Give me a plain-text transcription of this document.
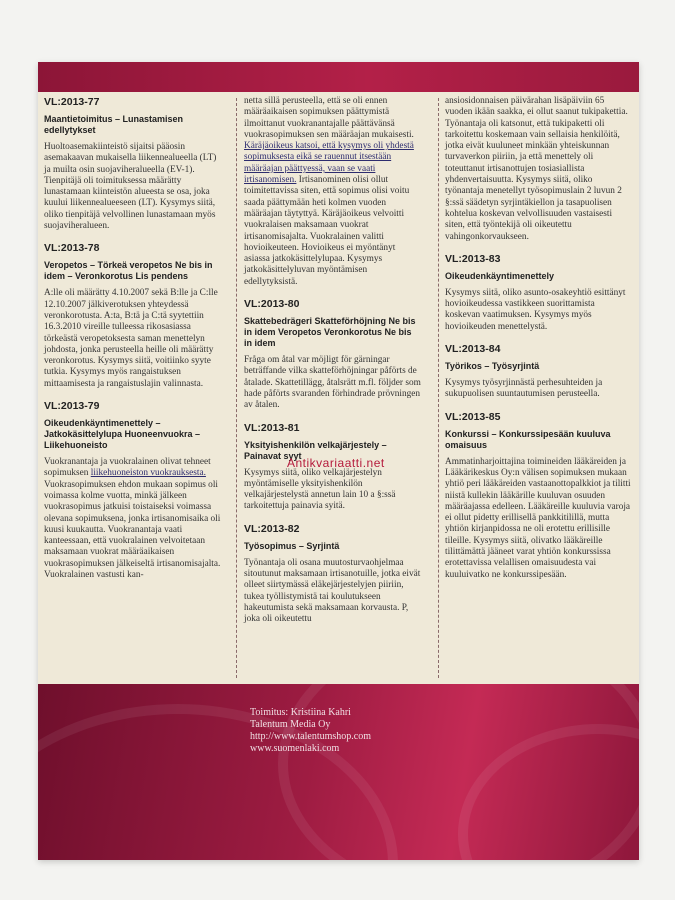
VL:2013-77
Maantietoimitus – Lunastamisen edellytykset
Huoltoasemakiinteistö sijaitsi pääosin asemakaavan mukaisella liikennealueella (LT) ja muilta osin suojaviheralueella (EV-1). Tienpitäjä oli toimituksessa määrätty lunastamaan kiinteistön alueesta se osa, joka kuului liikennealueeseen (LT). Kysymys siitä, oliko tienpitäjä velvollinen lunastamaan myös suojaviheralueen.
VL:2013-78
Veropetos – Törkeä veropetos Ne bis in idem – Veronkorotus Lis pendens
A:lle oli määrätty 4.10.2007 sekä B:lle ja C:lle 12.10.2007 jälkiverotuksen yhteydessä veronkorotusta. A:ta, B:tä ja C:tä syytettiin 16.3.2010 vireille tulleessa rikosasiassa törkeästä veropetoksesta saman menettelyn johdosta, jonka perusteella heille oli määrätty veronkorotus. Kysymys siitä, voitiinko syyte tutkia. Kysymys myös rangaistuksen mittaamisesta ja rangaistuslajin valinnasta.
VL:2013-79
Oikeudenkäyntimenettely – Jatkokäsittelylupa Huoneenvuokra – Liikehuoneisto
Vuokranantaja ja vuokralainen olivat tehneet sopimuksen liikehuoneiston vuokrauksesta. Vuokrasopimuksen ehdon mukaan sopimus oli voimassa kolme vuotta, minkä jälkeen vuokrasopimus jatkuisi toistaiseksi voimassa olevana sopimuksena, jonka irtisanomisaika oli kuusi kuukautta. Vuokranantaja vaati kanteessaan, että vuokralainen velvoitetaan maksamaan vuokrat määräaikaisen vuokrasopimuksen jälkeiseltä irtisanomisajalta. Vuokralainen vastusti kan-
netta sillä perusteella, että se oli ennen määräaikaisen sopimuksen päättymistä ilmoittanut vuokranantajalle päättävänsä vuokrasopimuksen sen määräajan mukaisesti. Käräjäoikeus katsoi, että kysymys oli yhdestä sopimuksesta eikä se rauennut itsestään määräajan päättyessä, vaan se vaati irtisanomisen. Irtisanominen olisi ollut toimitettavissa siten, että sopimus olisi voitu saada päättymään heti kolmen vuoden määräajan täytyttyä. Käräjäoikeus velvoitti vuokralaisen maksamaan vuokrat irtisanomisajalta. Vuokralainen valitti hovioikeuteen. Hovioikeus ei myöntänyt asiassa jatkokäsittelylupaa. Kysymys jatkokäsittelyluvan myöntämisen edellytyksistä.
VL:2013-80
Skattebedrägeri Skatteförhöjning Ne bis in idem Veropetos Veronkorotus Ne bis in idem
Fråga om åtal var möjligt för gärningar beträffande vilka skatteförhöjningar påförts de åtalade. Skattetillägg, åtalsrätt m.fl. följder som hade påförts svaranden förhindrade prövningen av åtalen.
VL:2013-81
Yksityishenkilön velkajärjestely – Painavat syyt
Kysymys siitä, oliko velkajärjestelyn myöntämiselle yksityishenkilön velkajärjestelystä annetun lain 10 a §:ssä tarkoitettuja painavia syitä.
VL:2013-82
Työsopimus – Syrjintä
Työnantaja oli osana muutosturvaohjelmaa sitoutunut maksamaan irtisanotuille, jotka eivät olleet siirtymässä eläkejärjestelyjen piiriin, tukea työllistymistä tai koulutukseen hakeutumista sekä maksamaan korvausta. P, joka oli oikeutettu
ansiosidonnaisen päivärahan lisäpäiviin 65 vuoden ikään saakka, ei ollut saanut tukipakettia. Työnantaja oli katsonut, että tukipaketti oli tarkoitettu koskemaan vain sellaisia henkilöitä, jotka eivät kuuluneet minkään yhteiskunnan turvaverkon piiriin, ja että menettely oli toteuttanut irtisanottujen tosiasiallista yhdenvertaisuutta. Kysymys siitä, oliko työnantaja menetellyt työsopimuslain 2 luvun 2 §:ssä säädetyn syrjintäkiellon ja tasapuolisen kohtelua koskevan velvollisuuden vastaisesti siten, että työntekijä oli oikeutettu vahingonkorvaukseen.
VL:2013-83
Oikeudenkäyntimenettely
Kysymys siitä, oliko asunto-osakeyhtiö esittänyt hovioikeudessa vastikkeen suorittamista koskevan vaatimuksen. Kysymys myös hovioikeuden menettelystä.
VL:2013-84
Työrikos – Työsyrjintä
Kysymys työsyrjinnästä perhesuhteiden ja sukupuolisen suuntautumisen perusteella.
VL:2013-85
Konkurssi – Konkurssipesään kuuluva omaisuus
Ammatinharjoittajina toimineiden lääkäreiden ja Lääkärikeskus Oy:n välisen sopimuksen mukaan yhtiö peri lääkäreiden vastaanottopalkkiot ja tilitti niistä kullekin lääkärille kuuluvan osuuden määräajassa edelleen. Lääkäreille kuuluvia varoja ei ollut pidetty erillisellä pankkitilillä, mutta yhtiön kirjanpidossa ne oli erotettu erillisille tileille. Kysymys siitä, olivatko lääkäreille tilittämättä jääneet varat yhtiön konkurssissa erotettavissa velallisen omaisuudesta vai kuuluivatko ne konkurssipesään.
Antikvariaatti.net
Toimitus: Kristiina Kahri
Talentum Media Oy
http://www.talentumshop.com
www.suomenlaki.com
